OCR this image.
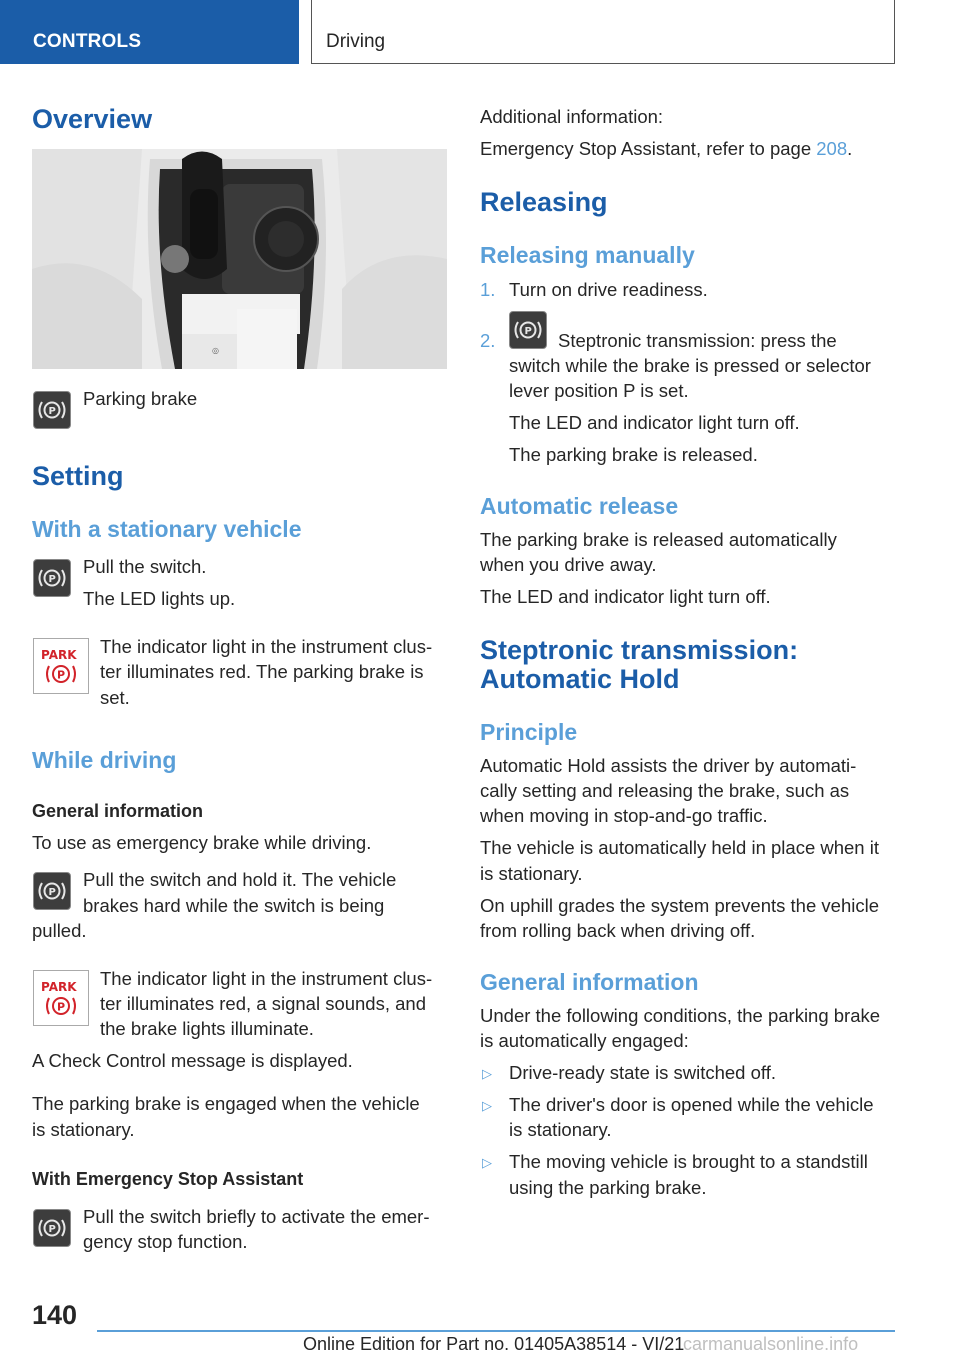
CONTROLS	Driving
Overview
◎
P
Parking brake
Setting
With a stationary vehicle
P
Pull the switch.
The LED lights up.
PARK
P
The indicator light in the instrument clus-
ter illuminates red. The parking brake is
set.
While driving
General information
To use as emergency brake while driving.
P
Pull the switch and hold it. The vehicle
brakes hard while the switch is being
pulled.
PARK
P
The indicator light in the instrument clus-
ter illuminates red, a signal sounds, and
the brake lights illuminate.
A Check Control message is displayed.
The parking brake is engaged when the vehicle
is stationary.
With Emergency Stop Assistant
P
Pull the switch briefly to activate the emer-
gency stop function.
Additional information:
Emergency Stop Assistant, refer to page 208.
Releasing
Releasing manually
1. Turn on drive readiness.
2.	P Steptronic transmission: press the
switch while the brake is pressed or selector
lever position P is set.
The LED and indicator light turn off.
The parking brake is released.
Automatic release
The parking brake is released automatically
when you drive away.
The LED and indicator light turn off.
Steptronic transmission:
Automatic Hold
Principle
Automatic Hold assists the driver by automati-
cally setting and releasing the brake, such as
when moving in stop-and-go traffic.
The vehicle is automatically held in place when it
is stationary.
On uphill grades the system prevents the vehicle
from rolling back when driving off.
General information
Under the following conditions, the parking brake
is automatically engaged:
▷ Drive-ready state is switched off.
▷ The driver's door is opened while the vehicle
is stationary.
▷ The moving vehicle is brought to a standstill
using the parking brake.
140
Online Edition for Part no. 01405A38514 - VI/21
carmanualsonline.info
